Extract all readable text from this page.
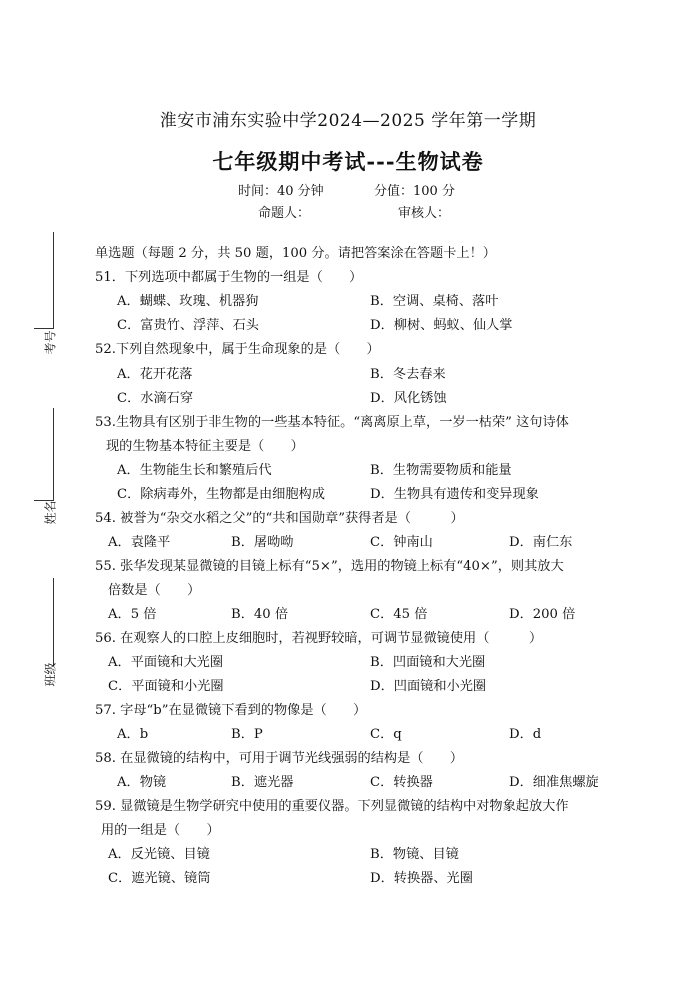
淮安市浦东实验中学2024—2025 学年第一学期
七年级期中考试---生物试卷
时间：40 分钟	分值：100 分
命题人：	审核人：
考号
姓名
班级
单选题（每题 2 分，共 50 题，100 分。请把答案涂在答题卡上！）
51．下列选项中都属于生物的一组是（　　）
A．蝴蝶、玫瑰、机器狗	B．空调、桌椅、落叶
C．富贵竹、浮萍、石头	D．柳树、蚂蚁、仙人掌
52.下列自然现象中，属于生命现象的是（　　）
A．花开花落	B．冬去春来
C．水滴石穿	D．风化锈蚀
53.生物具有区别于非生物的一些基本特征。“离离原上草，一岁一枯荣” 这句诗体
现的生物基本特征主要是（　　）
A．生物能生长和繁殖后代	B．生物需要物质和能量
C．除病毒外，生物都是由细胞构成	D．生物具有遗传和变异现象
54. 被誉为“杂交水稻之父”的“共和国勋章”获得者是（　　　）
A．袁隆平	B．屠呦呦	C．钟南山	D．南仁东
55. 张华发现某显微镜的目镜上标有“5×”，选用的物镜上标有“40×”，则其放大
倍数是（　　）
A．5 倍	B．40 倍	C．45 倍	D．200 倍
56. 在观察人的口腔上皮细胞时，若视野较暗，可调节显微镜使用（　　　）
A．平面镜和大光圈	B．凹面镜和大光圈
C．平面镜和小光圈	D．凹面镜和小光圈
57. 字母“b”在显微镜下看到的物像是（　　）
A．b	B．P	C．q	D．d
58. 在显微镜的结构中，可用于调节光线强弱的结构是（　　）
A．物镜	B．遮光器	C．转换器	D．细准焦螺旋
59. 显微镜是生物学研究中使用的重要仪器。下列显微镜的结构中对物象起放大作
用的一组是（　　）
A．反光镜、目镜	B．物镜、目镜
C．遮光镜、镜筒	D．转换器、光圈
